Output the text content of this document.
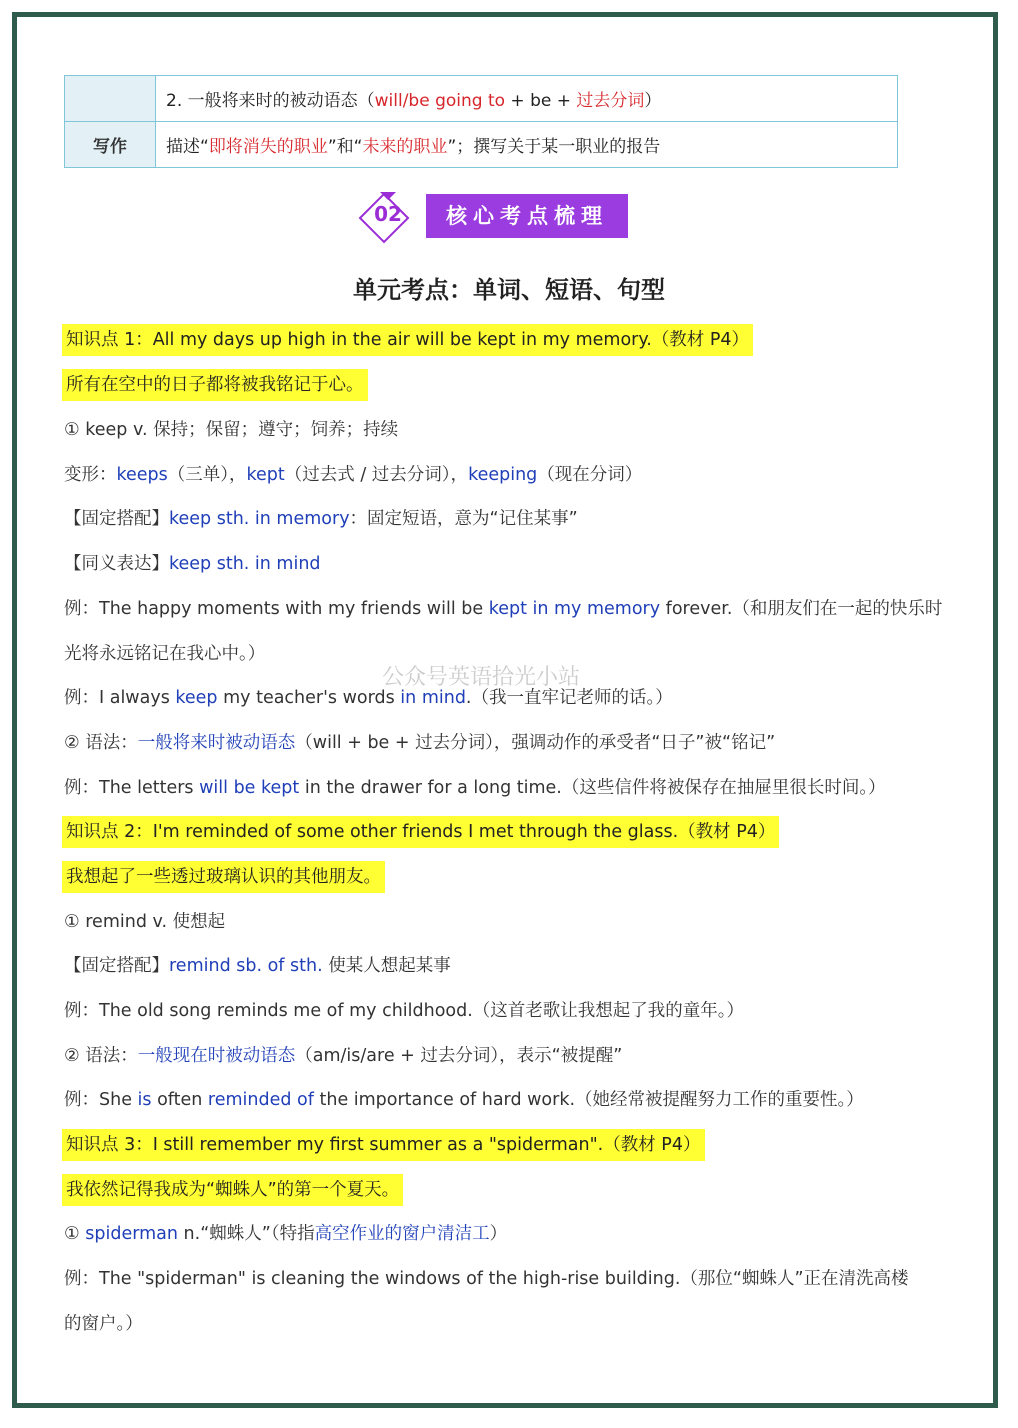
	2. 一般将来时的被动语态（will/be going to + be + 过去分词）
写作	描述“即将消失的职业”和“未来的职业”；撰写关于某一职业的报告
02	核心考点梳理
单元考点：单词、短语、句型
公众号英语拾光小站
知识点 1：All my days up high in the air will be kept in my memory.（教材 P4）
所有在空中的日子都将被我铭记于心。
① keep v. 保持；保留；遵守；饲养；持续
变形：keeps（三单），kept（过去式 / 过去分词），keeping（现在分词）
【固定搭配】keep sth. in memory：固定短语，意为“记住某事”
【同义表达】keep sth. in mind
例：The happy moments with my friends will be kept in my memory forever.（和朋友们在一起的快乐时
光将永远铭记在我心中。）
例：I always keep my teacher's words in mind.（我一直牢记老师的话。）
② 语法：一般将来时被动语态（will + be + 过去分词），强调动作的承受者“日子”被“铭记”
例：The letters will be kept in the drawer for a long time.（这些信件将被保存在抽屉里很长时间。）
知识点 2：I'm reminded of some other friends I met through the glass.（教材 P4）
我想起了一些透过玻璃认识的其他朋友。
① remind v. 使想起
【固定搭配】remind sb. of sth. 使某人想起某事
例：The old song reminds me of my childhood.（这首老歌让我想起了我的童年。）
② 语法：一般现在时被动语态（am/is/are + 过去分词），表示“被提醒”
例：She is often reminded of the importance of hard work.（她经常被提醒努力工作的重要性。）
知识点 3：I still remember my first summer as a "spiderman".（教材 P4）
我依然记得我成为“蜘蛛人”的第一个夏天。
① spiderman n.“蜘蛛人”（特指高空作业的窗户清洁工）
例：The "spiderman" is cleaning the windows of the high-rise building.（那位“蜘蛛人”正在清洗高楼
的窗户。）
